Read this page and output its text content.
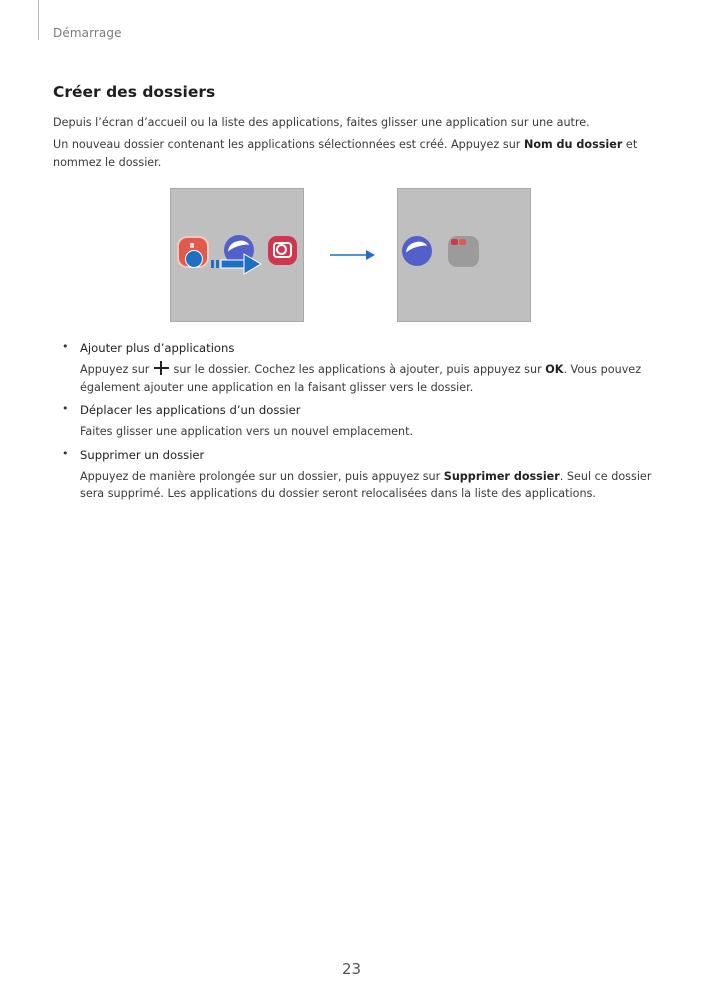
Démarrage
Créer des dossiers

Depuis l’écran d’accueil ou la liste des applications, faites glisser une application sur une autre.

Un nouveau dossier contenant les applications sélectionnées est créé. Appuyez sur Nom du dossier et nommez le dossier.

• Ajouter plus d’applications

Appuyez sur  sur le dossier. Cochez les applications à ajouter, puis appuyez sur OK. Vous pouvez également ajouter une application en la faisant glisser vers le dossier.

• Déplacer les applications d’un dossier

Faites glisser une application vers un nouvel emplacement.

• Supprimer un dossier

Appuyez de manière prolongée sur un dossier, puis appuyez sur Supprimer dossier. Seul ce dossier sera supprimé. Les applications du dossier seront relocalisées dans la liste des applications.

23
